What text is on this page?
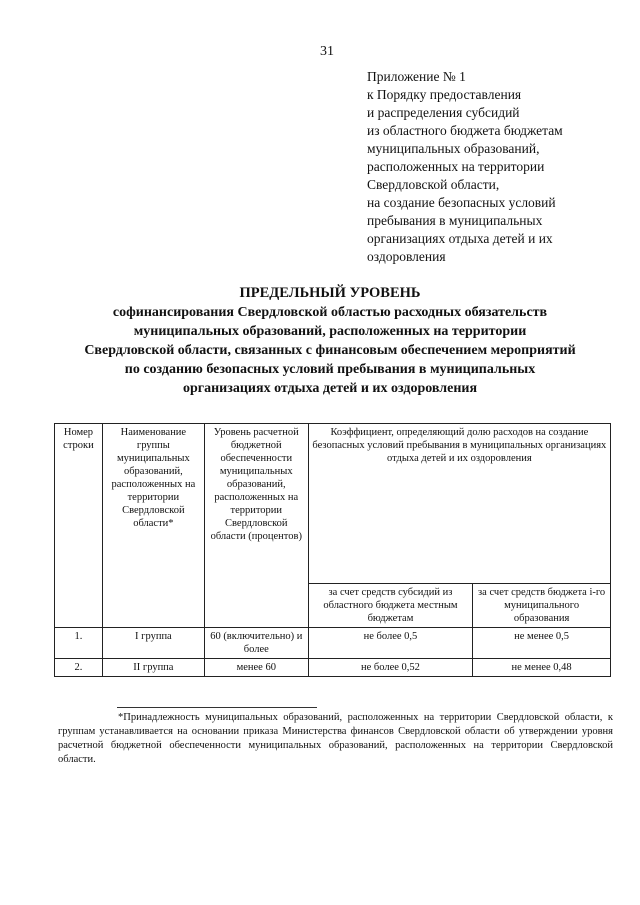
31
Приложение № 1
к Порядку предоставления
и распределения субсидий
из областного бюджета бюджетам
муниципальных образований,
расположенных на территории
Свердловской области,
на создание безопасных условий
пребывания в муниципальных
организациях отдыха детей и их
оздоровления
ПРЕДЕЛЬНЫЙ УРОВЕНЬ
софинансирования Свердловской областью расходных обязательств
муниципальных образований, расположенных на территории
Свердловской области, связанных с финансовым обеспечением мероприятий
по созданию безопасных условий пребывания в муниципальных
организациях отдыха детей и их оздоровления
Номер строки	Наименование группы муниципальных образований, расположенных на территории Свердловской области*	Уровень расчетной бюджетной обеспеченности муниципальных образований, расположенных на территории Свердловской области (процентов)	Коэффициент, определяющий долю расходов на создание безопасных условий пребывания в муниципальных организациях отдыха детей и их оздоровления	
			за счет средств субсидий из областного бюджета местным бюджетам	за счет средств бюджета i-го муниципального образования
1.	I группа	60 (включительно) и более	не более 0,5	не менее 0,5
2.	II группа	менее 60	не более 0,52	не менее 0,48

*Принадлежность муниципальных образований, расположенных на территории Свердловской области, к группам устанавливается на основании приказа Министерства финансов Свердловской области об утверждении уровня расчетной бюджетной обеспеченности муниципальных образований, расположенных на территории Свердловской области.
